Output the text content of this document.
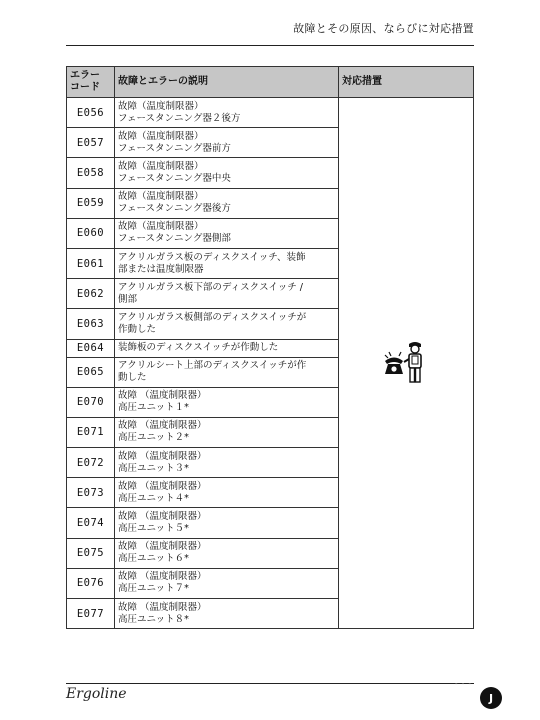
故障とその原因、ならびに対応措置
エラー
コード	故障とエラーの説明	対応措置
E056	故障（温度制限器）
フェースタンニング器２後方

E057	故障（温度制限器）
フェースタンニング器前方	

E058	故障（温度制限器）
フェースタンニング器中央	

E059	故障（温度制限器）
フェースタンニング器後方	

E060	故障（温度制限器）
フェースタンニング器側部	

E061	アクリルガラス板のディスクスイッチ、装飾
部または温度制限器	

E062	アクリルガラス板下部のディスクスイッチ /
側部	

E063	アクリルガラス板側部のディスクスイッチが
作動した	

E064	装飾板のディスクスイッチが作動した	

E065	アクリルシート上部のディスクスイッチが作
動した	

E070	故障 （温度制限器）
高圧ユニット１*	

E071	故障 （温度制限器）
高圧ユニット２*	

E072	故障 （温度制限器）
高圧ユニット３*	

E073	故障 （温度制限器）
高圧ユニット４*	

E074	故障 （温度制限器）
高圧ユニット５*	

E075	故障 （温度制限器）
高圧ユニット６*	

E076	故障 （温度制限器）
高圧ユニット７*	

E077	故障 （温度制限器）
高圧ユニット８*	
Ergoline
- - -
J
